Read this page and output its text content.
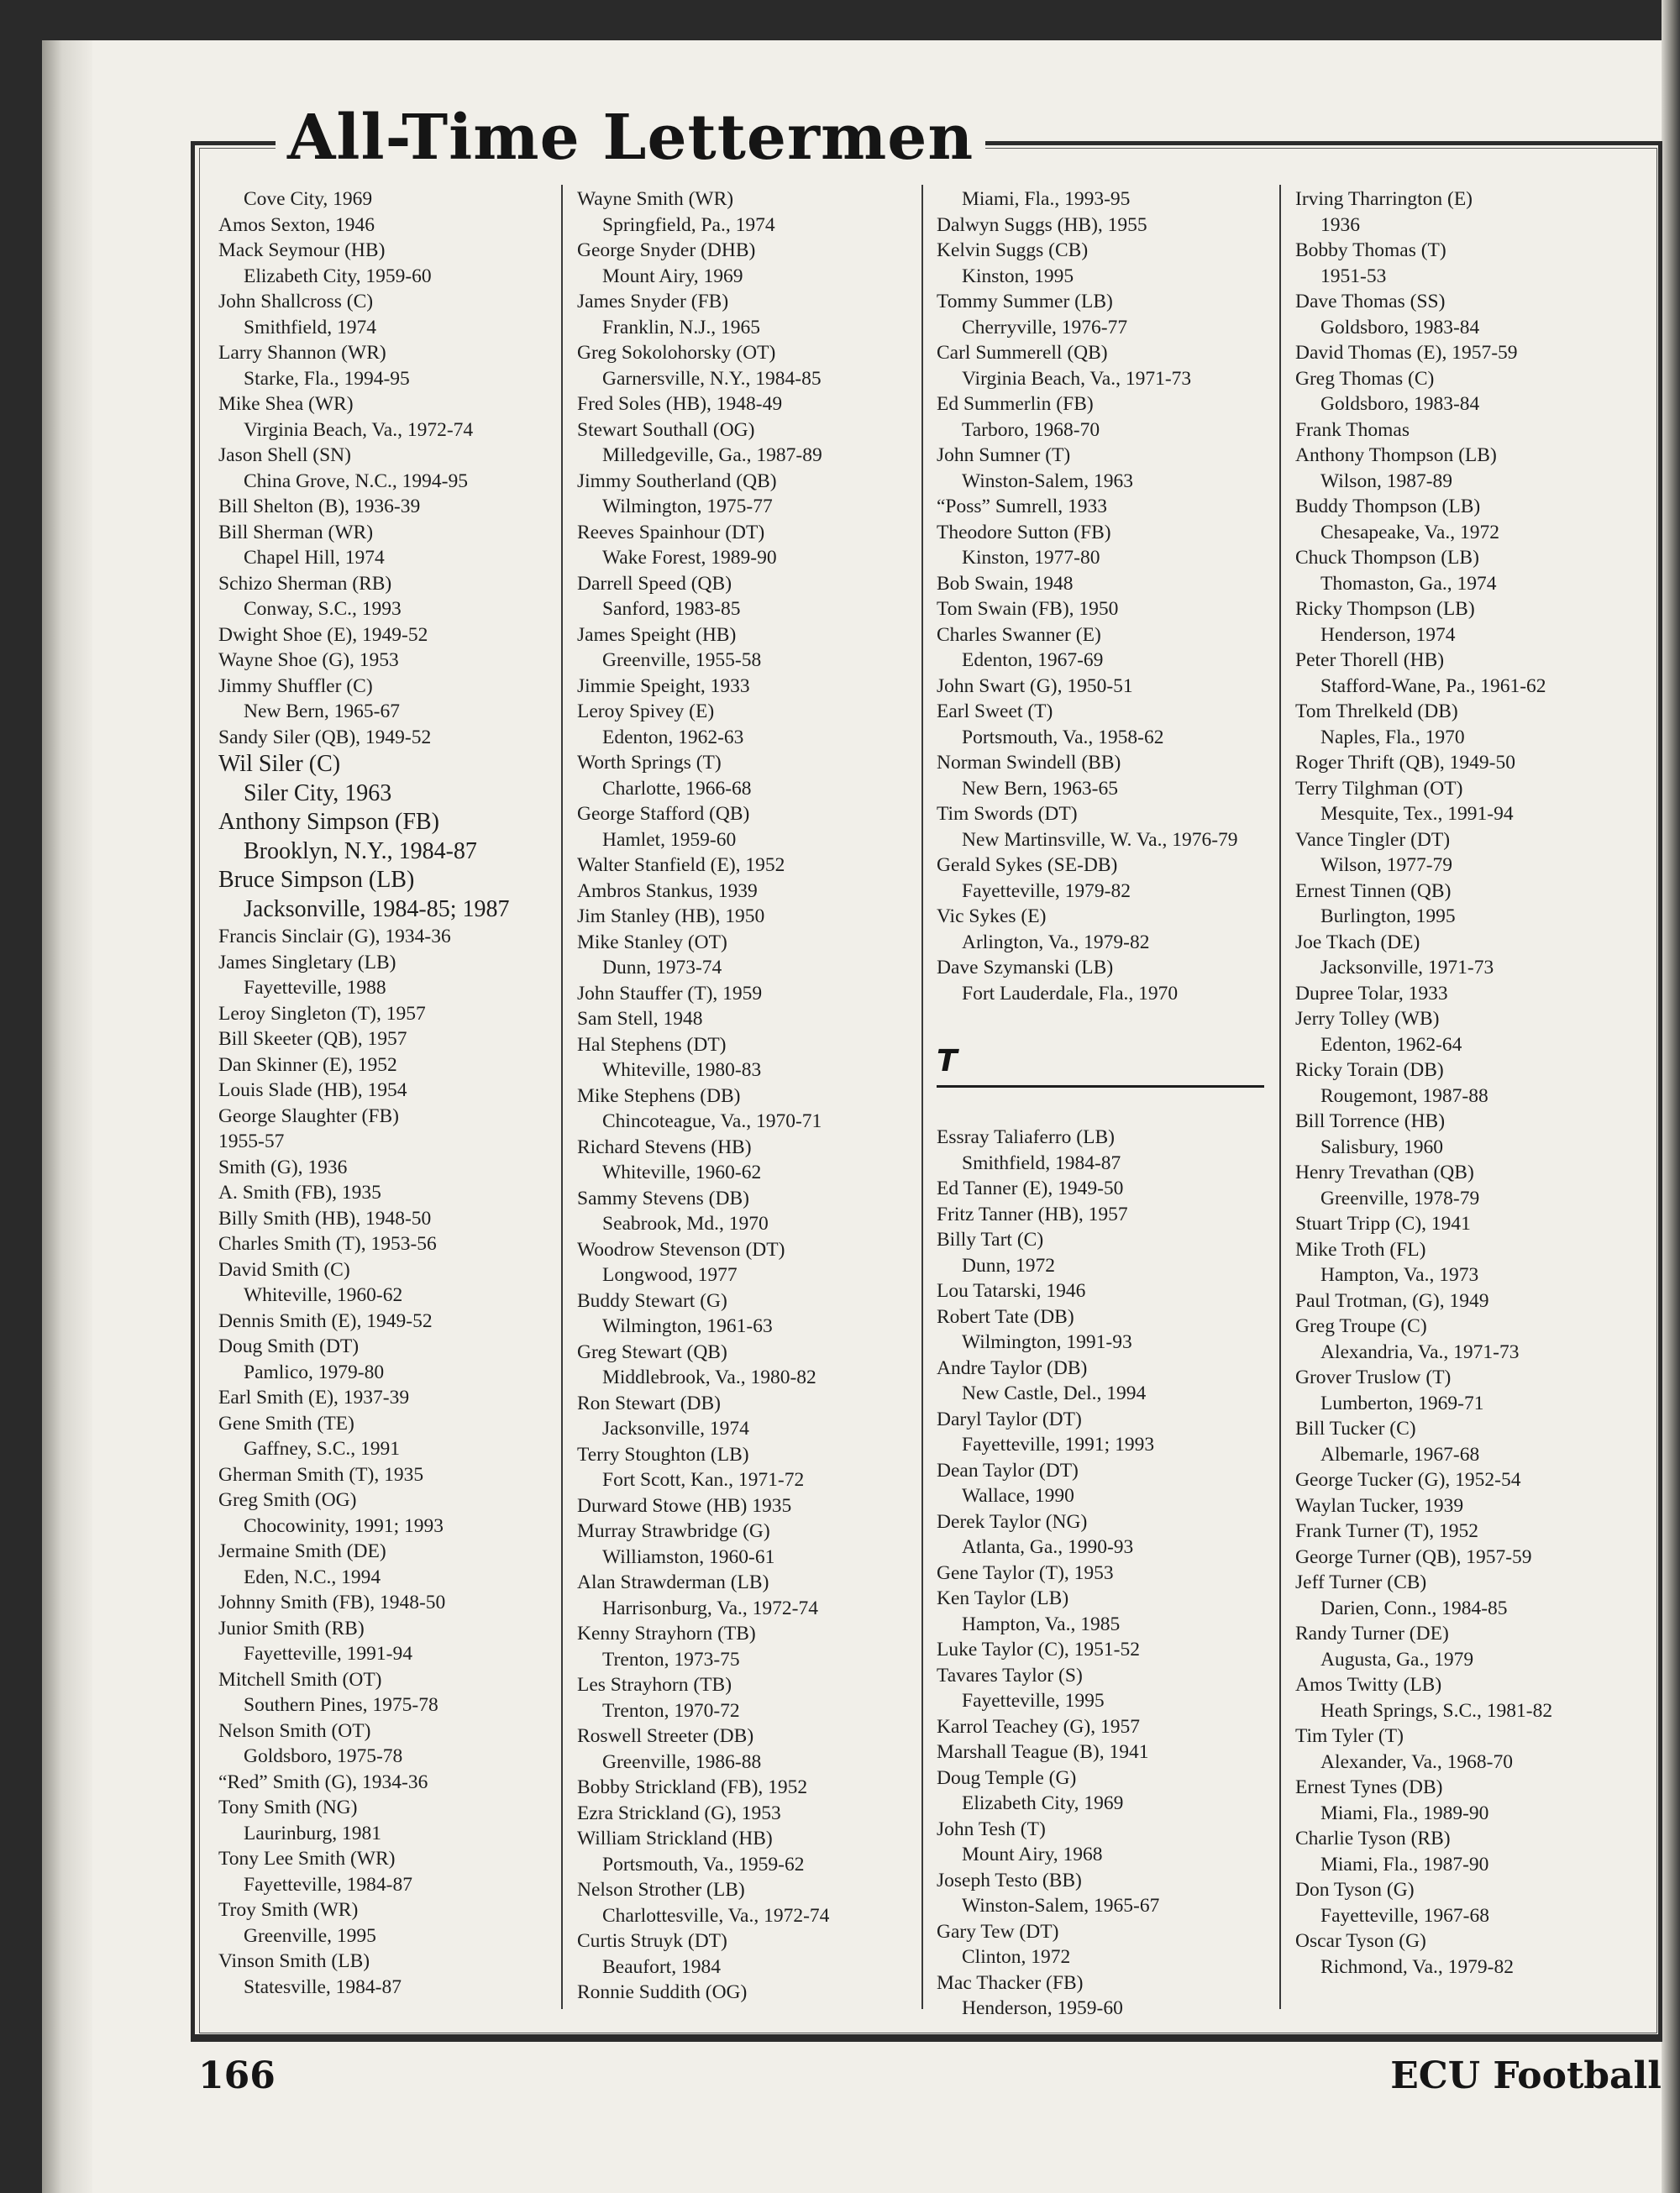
All-Time Lettermen
Cove City, 1969
Amos Sexton, 1946
Mack Seymour (HB)
Elizabeth City, 1959-60
John Shallcross (C)
Smithfield, 1974
Larry Shannon (WR)
Starke, Fla., 1994-95
Mike Shea (WR)
Virginia Beach, Va., 1972-74
Jason Shell (SN)
China Grove, N.C., 1994-95
Bill Shelton (B), 1936-39
Bill Sherman (WR)
Chapel Hill, 1974
Schizo Sherman (RB)
Conway, S.C., 1993
Dwight Shoe (E), 1949-52
Wayne Shoe (G), 1953
Jimmy Shuffler (C)
New Bern, 1965-67
Sandy Siler (QB), 1949-52
Wil Siler (C)
Siler City, 1963
Anthony Simpson (FB)
Brooklyn, N.Y., 1984-87
Bruce Simpson (LB)
Jacksonville, 1984-85; 1987
Francis Sinclair (G), 1934-36
James Singletary (LB)
Fayetteville, 1988
Leroy Singleton (T), 1957
Bill Skeeter (QB), 1957
Dan Skinner (E), 1952
Louis Slade (HB), 1954
George Slaughter (FB)
1955-57
Smith (G), 1936
A. Smith (FB), 1935
Billy Smith (HB), 1948-50
Charles Smith (T), 1953-56
David Smith (C)
Whiteville, 1960-62
Dennis Smith (E), 1949-52
Doug Smith (DT)
Pamlico, 1979-80
Earl Smith (E), 1937-39
Gene Smith (TE)
Gaffney, S.C., 1991
Gherman Smith (T), 1935
Greg Smith (OG)
Chocowinity, 1991; 1993
Jermaine Smith (DE)
Eden, N.C., 1994
Johnny Smith (FB), 1948-50
Junior Smith (RB)
Fayetteville, 1991-94
Mitchell Smith (OT)
Southern Pines, 1975-78
Nelson Smith (OT)
Goldsboro, 1975-78
“Red” Smith (G), 1934-36
Tony Smith (NG)
Laurinburg, 1981
Tony Lee Smith (WR)
Fayetteville, 1984-87
Troy Smith (WR)
Greenville, 1995
Vinson Smith (LB)
Statesville, 1984-87
Wayne Smith (WR)
Springfield, Pa., 1974
George Snyder (DHB)
Mount Airy, 1969
James Snyder (FB)
Franklin, N.J., 1965
Greg Sokolohorsky (OT)
Garnersville, N.Y., 1984-85
Fred Soles (HB), 1948-49
Stewart Southall (OG)
Milledgeville, Ga., 1987-89
Jimmy Southerland (QB)
Wilmington, 1975-77
Reeves Spainhour (DT)
Wake Forest, 1989-90
Darrell Speed (QB)
Sanford, 1983-85
James Speight (HB)
Greenville, 1955-58
Jimmie Speight, 1933
Leroy Spivey (E)
Edenton, 1962-63
Worth Springs (T)
Charlotte, 1966-68
George Stafford (QB)
Hamlet, 1959-60
Walter Stanfield (E), 1952
Ambros Stankus, 1939
Jim Stanley (HB), 1950
Mike Stanley (OT)
Dunn, 1973-74
John Stauffer (T), 1959
Sam Stell, 1948
Hal Stephens (DT)
Whiteville, 1980-83
Mike Stephens (DB)
Chincoteague, Va., 1970-71
Richard Stevens (HB)
Whiteville, 1960-62
Sammy Stevens (DB)
Seabrook, Md., 1970
Woodrow Stevenson (DT)
Longwood, 1977
Buddy Stewart (G)
Wilmington, 1961-63
Greg Stewart (QB)
Middlebrook, Va., 1980-82
Ron Stewart (DB)
Jacksonville, 1974
Terry Stoughton (LB)
Fort Scott, Kan., 1971-72
Durward Stowe (HB) 1935
Murray Strawbridge (G)
Williamston, 1960-61
Alan Strawderman (LB)
Harrisonburg, Va., 1972-74
Kenny Strayhorn (TB)
Trenton, 1973-75
Les Strayhorn (TB)
Trenton, 1970-72
Roswell Streeter (DB)
Greenville, 1986-88
Bobby Strickland (FB), 1952
Ezra Strickland (G), 1953
William Strickland (HB)
Portsmouth, Va., 1959-62
Nelson Strother (LB)
Charlottesville, Va., 1972-74
Curtis Struyk (DT)
Beaufort, 1984
Ronnie Suddith (OG)
Miami, Fla., 1993-95
Dalwyn Suggs (HB), 1955
Kelvin Suggs (CB)
Kinston, 1995
Tommy Summer (LB)
Cherryville, 1976-77
Carl Summerell (QB)
Virginia Beach, Va., 1971-73
Ed Summerlin (FB)
Tarboro, 1968-70
John Sumner (T)
Winston-Salem, 1963
“Poss” Sumrell, 1933
Theodore Sutton (FB)
Kinston, 1977-80
Bob Swain, 1948
Tom Swain (FB), 1950
Charles Swanner (E)
Edenton, 1967-69
John Swart (G), 1950-51
Earl Sweet (T)
Portsmouth, Va., 1958-62
Norman Swindell (BB)
New Bern, 1963-65
Tim Swords (DT)
New Martinsville, W. Va., 1976-79
Gerald Sykes (SE-DB)
Fayetteville, 1979-82
Vic Sykes (E)
Arlington, Va., 1979-82
Dave Szymanski (LB)
Fort Lauderdale, Fla., 1970
T
Essray Taliaferro (LB)
Smithfield, 1984-87
Ed Tanner (E), 1949-50
Fritz Tanner (HB), 1957
Billy Tart (C)
Dunn, 1972
Lou Tatarski, 1946
Robert Tate (DB)
Wilmington, 1991-93
Andre Taylor (DB)
New Castle, Del., 1994
Daryl Taylor (DT)
Fayetteville, 1991; 1993
Dean Taylor (DT)
Wallace, 1990
Derek Taylor (NG)
Atlanta, Ga., 1990-93
Gene Taylor (T), 1953
Ken Taylor (LB)
Hampton, Va., 1985
Luke Taylor (C), 1951-52
Tavares Taylor (S)
Fayetteville, 1995
Karrol Teachey (G), 1957
Marshall Teague (B), 1941
Doug Temple (G)
Elizabeth City, 1969
John Tesh (T)
Mount Airy, 1968
Joseph Testo (BB)
Winston-Salem, 1965-67
Gary Tew (DT)
Clinton, 1972
Mac Thacker (FB)
Henderson, 1959-60
Irving Tharrington (E)
1936
Bobby Thomas (T)
1951-53
Dave Thomas (SS)
Goldsboro, 1983-84
David Thomas (E), 1957-59
Greg Thomas (C)
Goldsboro, 1983-84
Frank Thomas
Anthony Thompson (LB)
Wilson, 1987-89
Buddy Thompson (LB)
Chesapeake, Va., 1972
Chuck Thompson (LB)
Thomaston, Ga., 1974
Ricky Thompson (LB)
Henderson, 1974
Peter Thorell (HB)
Stafford-Wane, Pa., 1961-62
Tom Threlkeld (DB)
Naples, Fla., 1970
Roger Thrift (QB), 1949-50
Terry Tilghman (OT)
Mesquite, Tex., 1991-94
Vance Tingler (DT)
Wilson, 1977-79
Ernest Tinnen (QB)
Burlington, 1995
Joe Tkach (DE)
Jacksonville, 1971-73
Dupree Tolar, 1933
Jerry Tolley (WB)
Edenton, 1962-64
Ricky Torain (DB)
Rougemont, 1987-88
Bill Torrence (HB)
Salisbury, 1960
Henry Trevathan (QB)
Greenville, 1978-79
Stuart Tripp (C), 1941
Mike Troth (FL)
Hampton, Va., 1973
Paul Trotman, (G), 1949
Greg Troupe (C)
Alexandria, Va., 1971-73
Grover Truslow (T)
Lumberton, 1969-71
Bill Tucker (C)
Albemarle, 1967-68
George Tucker (G), 1952-54
Waylan Tucker, 1939
Frank Turner (T), 1952
George Turner (QB), 1957-59
Jeff Turner (CB)
Darien, Conn., 1984-85
Randy Turner (DE)
Augusta, Ga., 1979
Amos Twitty (LB)
Heath Springs, S.C., 1981-82
Tim Tyler (T)
Alexander, Va., 1968-70
Ernest Tynes (DB)
Miami, Fla., 1989-90
Charlie Tyson (RB)
Miami, Fla., 1987-90
Don Tyson (G)
Fayetteville, 1967-68
Oscar Tyson (G)
Richmond, Va., 1979-82

166	ECU Football
